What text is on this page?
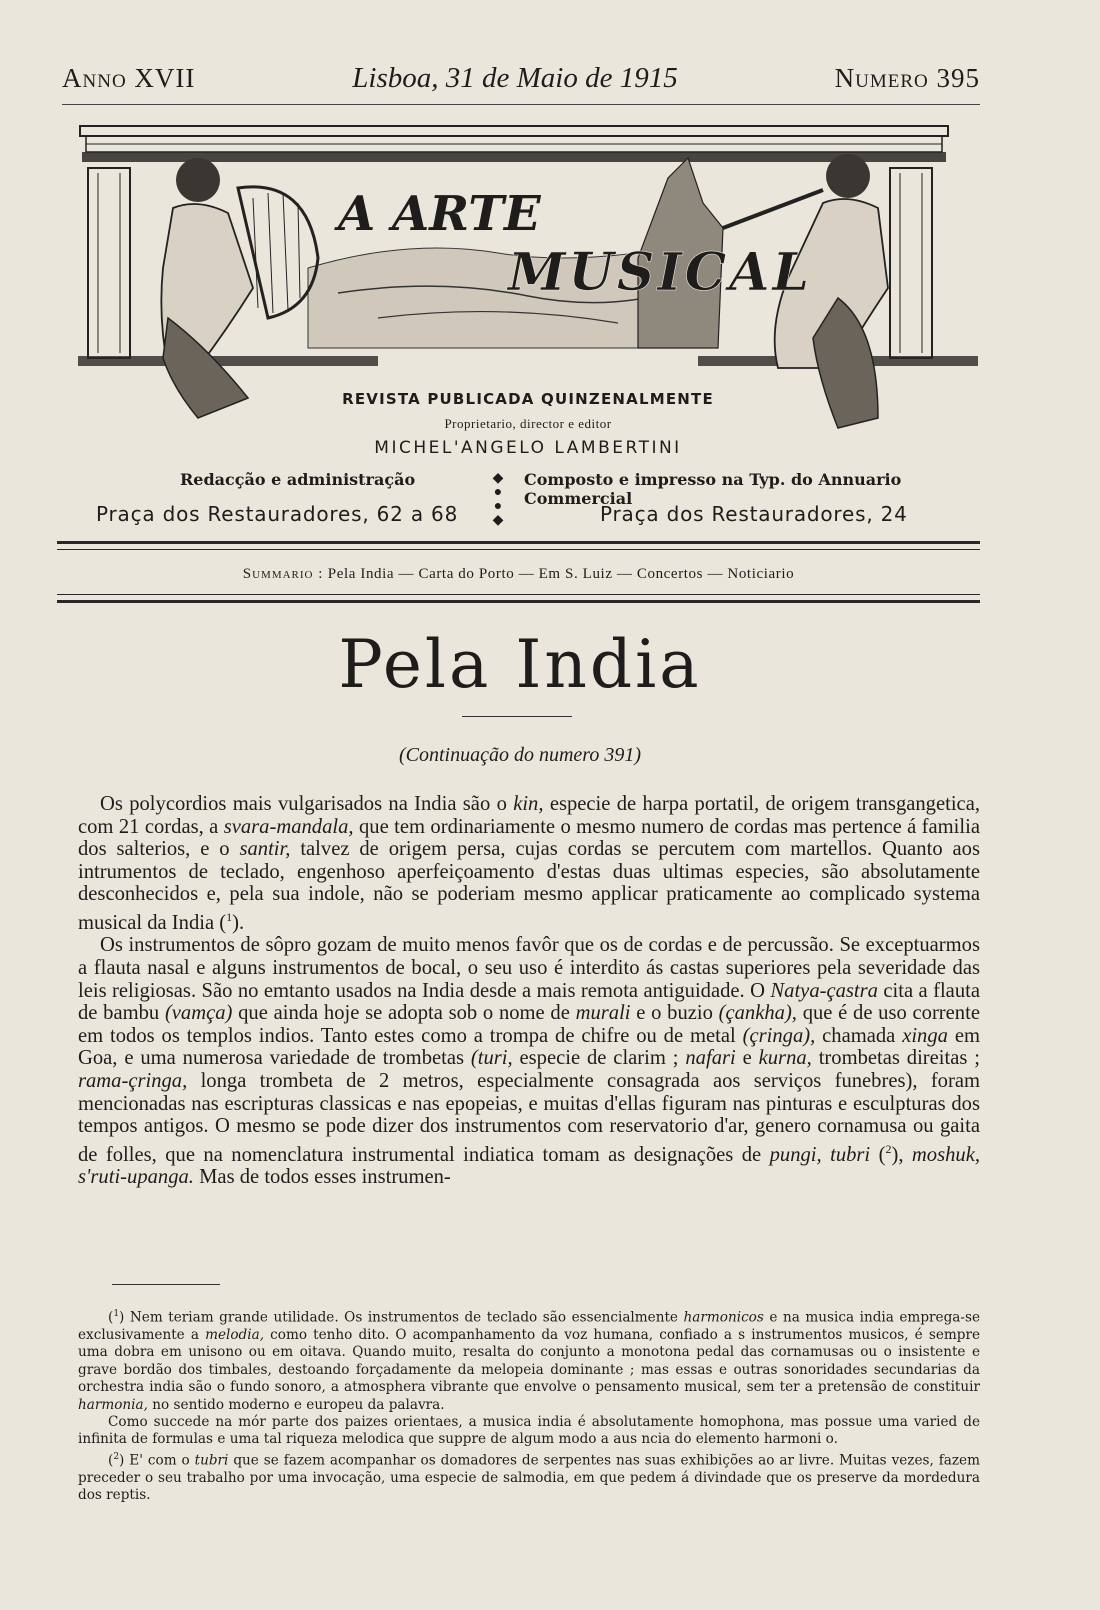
Anno XVII	Lisboa, 31 de Maio de 1915	Numero 395
A ARTE
MUSICAL
REVISTA PUBLICADA QUINZENALMENTE
Proprietario, director e editor
MICHEL'ANGELO LAMBERTINI
Redacção e administração
Praça dos Restauradores, 62 a 68
◆
●
●
◆
Composto e impresso na Typ. do Annuario Commercial
Praça dos Restauradores, 24
Summario : Pela India — Carta do Porto — Em S. Luiz — Concertos — Noticiario
Pela India
(Continuação do numero 391)

Os polycordios mais vulgarisados na India são o kin, especie de harpa portatil, de origem transgangetica, com 21 cordas, a svara-mandala, que tem ordinariamente o mesmo numero de cordas mas pertence á familia dos salterios, e o santir, talvez de origem persa, cujas cordas se percutem com martellos. Quanto aos intrumentos de teclado, engenhoso aperfeiçoamento d'estas duas ultimas especies, são absolutamente desconhecidos e, pela sua indole, não se poderiam mesmo applicar praticamente ao complicado systema musical da India ($^1$).

Os instrumentos de sôpro gozam de muito menos favôr que os de cordas e de percussão. Se exceptuarmos a flauta nasal e alguns instrumentos de bocal, o seu uso é interdito ás castas superiores pela severidade das leis religiosas. São no emtanto usados na India desde a mais remota antiguidade. O Natya-çastra cita a flauta de bambu (vamça) que ainda hoje se adopta sob o nome de murali e o buzio (çankha), que é de uso corrente em todos os templos indios. Tanto estes como a trompa de chifre ou de metal (çringa), chamada xinga em Goa, e uma numerosa variedade de trombetas (turi, especie de clarim ; nafari e kurna, trombetas direitas ; rama-çringa, longa trombeta de 2 metros, especialmente consagrada aos serviços funebres), foram mencionadas nas escripturas classicas e nas epopeias, e muitas d'ellas figuram nas pinturas e esculpturas dos tempos antigos. O mesmo se pode dizer dos instrumentos com reservatorio d'ar, genero cornamusa ou gaita de folles, que na nomenclatura instrumental indiatica tomam as designações de pungi, tubri ($^2$), moshuk, s'ruti-upanga. Mas de todos esses instrumen-

($^1$) Nem teriam grande utilidade. Os instrumentos de teclado são essencialmente harmonicos e na musica india emprega-se exclusivamente a melodia, como tenho dito. O acompanhamento da voz humana, confiado a s instrumentos musicos, é sempre uma dobra em unisono ou em oitava. Quando muito, resalta do conjunto a monotona pedal das cornamusas ou o insistente e grave bordão dos timbales, destoando forçadamente da melopeia dominante ; mas essas e outras sonoridades secundarias da orchestra india são o fundo sonoro, a atmosphera vibrante que envolve o pensamento musical, sem ter a pretensão de constituir harmonia, no sentido moderno e europeu da palavra.

Como succede na mór parte dos paizes orientaes, a musica india é absolutamente homophona, mas possue uma varied de infinita de formulas e uma tal riqueza melodica que suppre de algum modo a aus ncia do elemento harmoni o.

($^2$) E' com o tubri que se fazem acompanhar os domadores de serpentes nas suas exhibições ao ar livre. Muitas vezes, fazem preceder o seu trabalho por uma invocação, uma especie de salmodia, em que pedem á divindade que os preserve da mordedura dos reptis.
